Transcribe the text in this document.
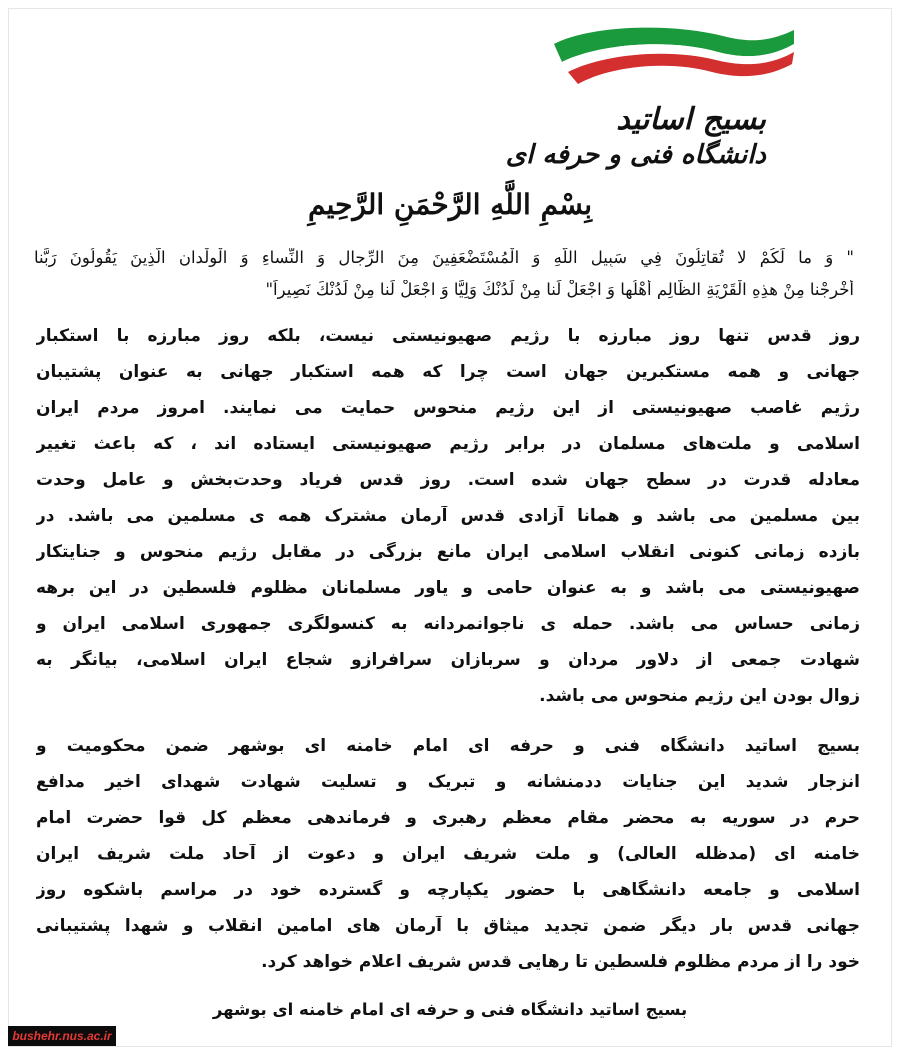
بسیج اساتید
دانشگاه فنی و حرفه ای
بِسْمِ اللَّهِ الرَّحْمَنِ الرَّحِيمِ
" وَ ما لَكُمْ لا تُقاتِلُونَ فِي سَبِيلِ اللَّهِ وَ الْمُسْتَضْعَفِينَ مِنَ الرِّجالِ وَ النِّساءِ وَ الْوِلْدانِ الَّذِينَ يَقُولُونَ رَبَّنا
أَخْرِجْنا مِنْ هذِهِ الْقَرْيَةِ الظّالِمِ أَهْلُها وَ اجْعَلْ لَنا مِنْ لَدُنْكَ وَلِيًّا وَ اجْعَلْ لَنا مِنْ لَدُنْكَ نَصِيراً"
روز قدس تنها روز مبارزه با رژیم صهیونیستی نیست، بلکه روز مبارزه با استکبار
جهانی و همه مستکبرین جهان است چرا که همه استکبار جهانی به عنوان پشتیبان
رژیم غاصب صهیونیستی از این رژیم منحوس حمایت می نمایند. امروز مردم ایران
اسلامی و ملت‌های مسلمان در برابر رژیم صهیونیستی ایستاده اند ، که باعث تغییر
معادله قدرت در سطح جهان شده است. روز قدس فریاد وحدت‌بخش و عامل وحدت
بین مسلمین می باشد و همانا آزادی قدس آرمان مشترک همه ی مسلمین می باشد. در
بازده زمانی کنونی انقلاب اسلامی ایران مانع بزرگی در مقابل رژیم منحوس و جنایتکار
صهیونیستی می باشد و به عنوان حامی و یاور مسلمانان مظلوم فلسطین در این برهه
زمانی حساس می باشد. حمله ی ناجوانمردانه به کنسولگری جمهوری اسلامی ایران و
شهادت جمعی از دلاور مردان و سربازان سرافرازو شجاع ایران اسلامی، بیانگر به
زوال بودن این رژیم منحوس می باشد.
بسیج اساتید دانشگاه فنی و حرفه ای امام خامنه ای بوشهر ضمن محکومیت و
انزجار شدید این جنایات ددمنشانه و تبریک و تسلیت شهادت شهدای اخیر مدافع
حرم در سوریه به محضر مقام معظم رهبری و فرماندهی معظم کل قوا حضرت امام
خامنه ای (مدظله العالی) و ملت شریف ایران و دعوت از آحاد ملت شریف ایران
اسلامی و جامعه دانشگاهی با حضور یکپارچه و گسترده خود در مراسم باشکوه روز
جهانی قدس بار دیگر ضمن تجدید میثاق با آرمان های امامین انقلاب و شهدا پشتیبانی
خود را از مردم مظلوم فلسطین تا رهایی قدس شریف اعلام خواهد کرد.
بسیج اساتید دانشگاه فنی و حرفه ای امام خامنه ای بوشهر
bushehr.nus.ac.ir
